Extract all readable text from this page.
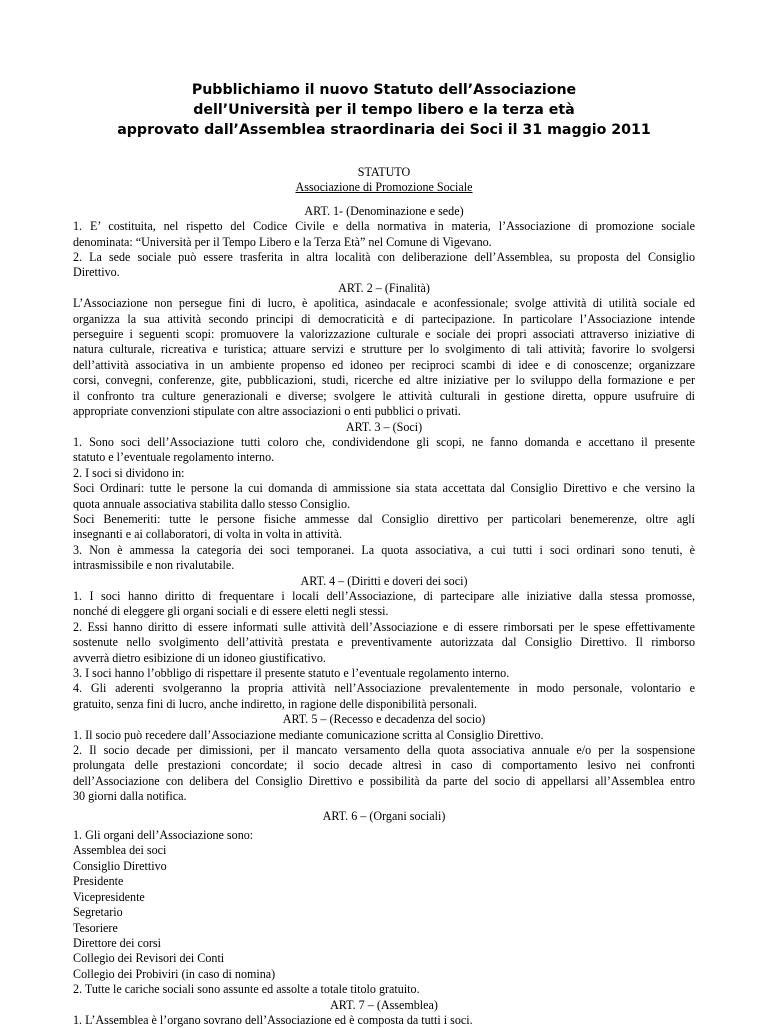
Pubblichiamo il nuovo Statuto dell’Associazione
dell’Università per il tempo libero e la terza età
approvato dall’Assemblea straordinaria dei Soci il 31 maggio 2011
STATUTO
Associazione di Promozione Sociale
ART. 1- (Denominazione e sede)
1. E’ costituita, nel rispetto del Codice Civile e della normativa in materia, l’Associazione di promozione sociale
denominata: “Università per il Tempo Libero e la Terza Età” nel Comune di Vigevano.
2. La sede sociale può essere trasferita in altra località con deliberazione dell’Assemblea, su proposta del Consiglio
Direttivo.
ART. 2 – (Finalità)
L’Associazione non persegue fini di lucro, è apolitica, asindacale e aconfessionale; svolge attività di utilità sociale ed
organizza la sua attività secondo principi di democraticità e di partecipazione. In particolare l’Associazione intende
perseguire i seguenti scopi: promuovere la valorizzazione culturale e sociale dei propri associati attraverso iniziative di
natura culturale, ricreativa e turistica; attuare servizi e strutture per lo svolgimento di tali attività; favorire lo svolgersi
dell’attività associativa in un ambiente propenso ed idoneo per reciproci scambi di idee e di conoscenze; organizzare
corsi, convegni, conferenze, gite, pubblicazioni, studi, ricerche ed altre iniziative per lo sviluppo della formazione e per
il confronto tra culture generazionali e diverse; svolgere le attività culturali in gestione diretta, oppure usufruire di
appropriate convenzioni stipulate con altre associazioni o enti pubblici o privati.
ART. 3 – (Soci)
1. Sono soci dell’Associazione tutti coloro che, condividendone gli scopi, ne fanno domanda e accettano il presente
statuto e l’eventuale regolamento interno.
2. I soci si dividono in:
Soci Ordinari: tutte le persone la cui domanda di ammissione sia stata accettata dal Consiglio Direttivo e che versino la
quota annuale associativa stabilita dallo stesso Consiglio.
Soci Benemeriti: tutte le persone fisiche ammesse dal Consiglio direttivo per particolari benemerenze, oltre agli
insegnanti e ai collaboratori, di volta in volta in attività.
3. Non è ammessa la categoria dei soci temporanei. La quota associativa, a cui tutti i soci ordinari sono tenuti, è
intrasmissibile e non rivalutabile.
ART. 4 – (Diritti e doveri dei soci)
1. I soci hanno diritto di frequentare i locali dell’Associazione, di partecipare alle iniziative dalla stessa promosse,
nonché di eleggere gli organi sociali e di essere eletti negli stessi.
2. Essi hanno diritto di essere informati sulle attività dell’Associazione e di essere rimborsati per le spese effettivamente
sostenute nello svolgimento dell’attività prestata e preventivamente autorizzata dal Consiglio Direttivo. Il rimborso
avverrà dietro esibizione di un idoneo giustificativo.
3. I soci hanno l’obbligo di rispettare il presente statuto e l’eventuale regolamento interno.
4. Gli aderenti svolgeranno la propria attività nell’Associazione prevalentemente in modo personale, volontario e
gratuito, senza fini di lucro, anche indiretto, in ragione delle disponibilità personali.
ART. 5 – (Recesso e decadenza del socio)
1. Il socio può recedere dall’Associazione mediante comunicazione scritta al Consiglio Direttivo.
2. Il socio decade per dimissioni, per il mancato versamento della quota associativa annuale e/o per la sospensione
prolungata delle prestazioni concordate; il socio decade altresì in caso di comportamento lesivo nei confronti
dell’Associazione con delibera del Consiglio Direttivo e possibilità da parte del socio di appellarsi all’Assemblea entro
30 giorni dalla notifica.
ART. 6 – (Organi sociali)
1. Gli organi dell’Associazione sono:
Assemblea dei soci
Consiglio Direttivo
Presidente
Vicepresidente
Segretario
Tesoriere
Direttore dei corsi
Collegio dei Revisori dei Conti
Collegio dei Probiviri (in caso di nomina)
2. Tutte le cariche sociali sono assunte ed assolte a totale titolo gratuito.
ART. 7 – (Assemblea)
1. L’Assemblea è l’organo sovrano dell’Associazione ed è composta da tutti i soci.
